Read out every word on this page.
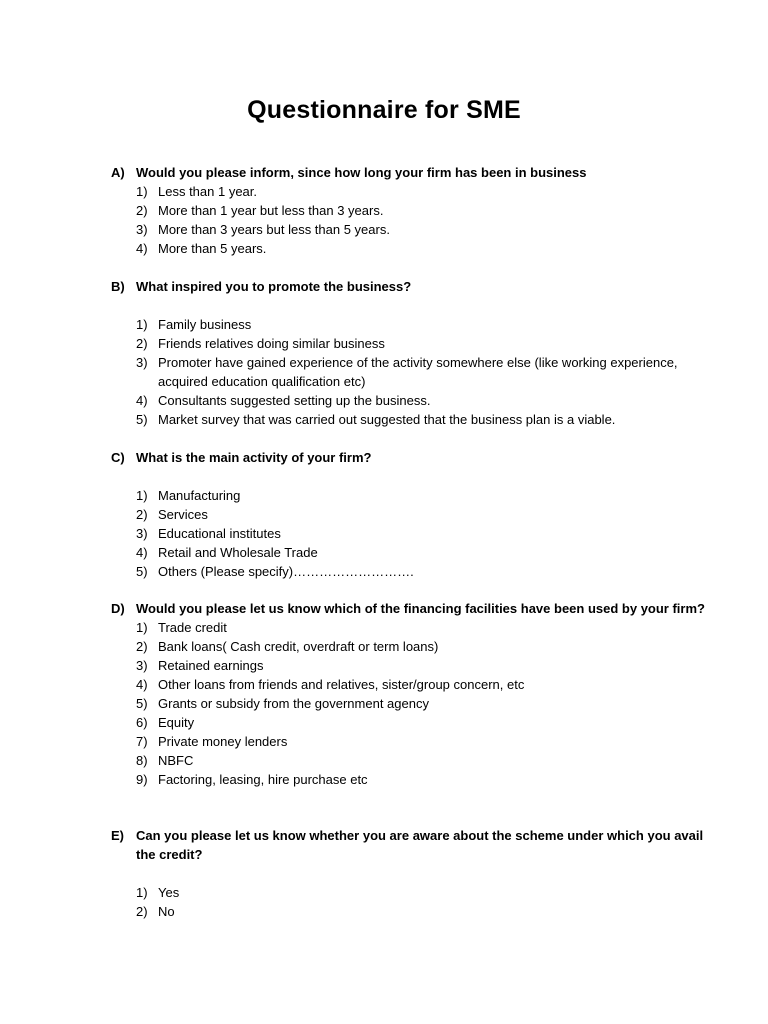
Questionnaire for SME
A) Would you please inform, since how long your firm has been in business
1) Less than 1 year.
2) More than 1 year but less than 3 years.
3) More than 3 years but less than 5 years.
4) More than 5 years.
B) What inspired you to promote the business?
1) Family business
2) Friends relatives doing similar business
3) Promoter have gained experience of the activity somewhere else (like working experience, acquired education qualification etc)
4) Consultants suggested setting up the business.
5) Market survey that was carried out suggested that the business plan is a viable.
C) What is the main activity of your firm?
1) Manufacturing
2) Services
3) Educational institutes
4) Retail and Wholesale Trade
5) Others (Please specify)……………………….
D) Would you please let us know which of the financing facilities have been used by your firm?
1) Trade credit
2) Bank loans( Cash credit, overdraft or term loans)
3) Retained earnings
4) Other loans from friends and relatives, sister/group concern, etc
5) Grants or subsidy from the government agency
6) Equity
7) Private money lenders
8) NBFC
9) Factoring, leasing, hire purchase etc
E) Can you please let us know whether you are aware about the scheme under which you avail the credit?
1) Yes
2) No
